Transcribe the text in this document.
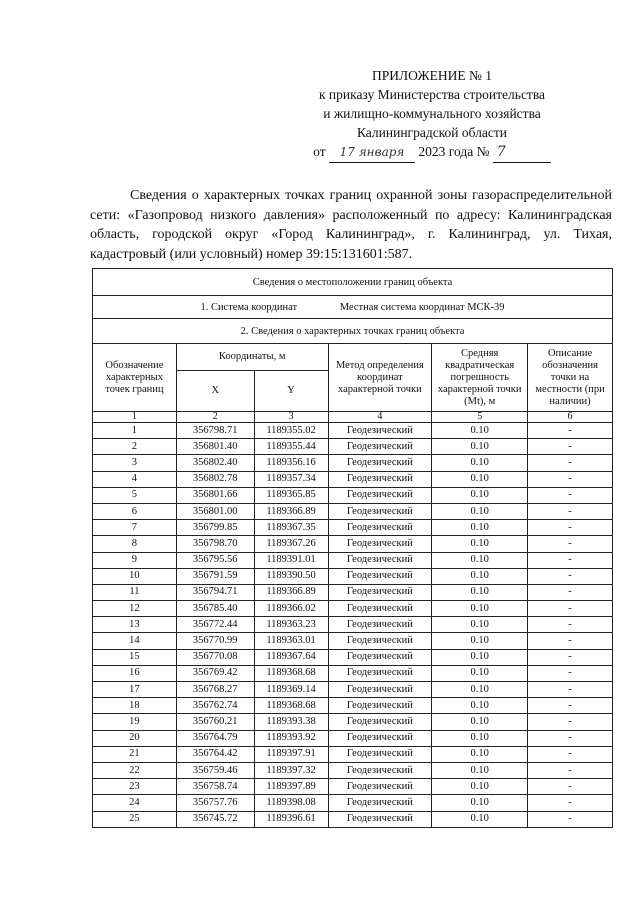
ПРИЛОЖЕНИЕ № 1
к приказу Министерства строительства
и жилищно-коммунального хозяйства
Калининградской области
от 17 января 2023 года № 7
Сведения о характерных точках границ охранной зоны газораспределительной сети: «Газопровод низкого давления» расположенный по адресу: Калининградская область, городской округ «Город Калининград», г. Калининград, ул. Тихая, кадастровый (или условный) номер 39:15:131601:587.
Сведения о местоположении границ объекта					
1. Система координат Местная система координат МСК-39					
2. Сведения о характерных точках границ объекта					
Обозначение характерных точек границ	Координаты, м		Метод определения координат характерной точки	Средняя квадратическая погрешность характерной точки (Mt), м	Описание обозначения точки на местности (при наличии)
	X	Y			
1	2	3	4	5	6
1	356798.71	1189355.02	Геодезический	0.10	-
2	356801.40	1189355.44	Геодезический	0.10	-
3	356802.40	1189356.16	Геодезический	0.10	-
4	356802.78	1189357.34	Геодезический	0.10	-
5	356801.66	1189365.85	Геодезический	0.10	-
6	356801.00	1189366.89	Геодезический	0.10	-
7	356799.85	1189367.35	Геодезический	0.10	-
8	356798.70	1189367.26	Геодезический	0.10	-
9	356795.56	1189391.01	Геодезический	0.10	-
10	356791.59	1189390.50	Геодезический	0.10	-
11	356794.71	1189366.89	Геодезический	0.10	-
12	356785.40	1189366.02	Геодезический	0.10	-
13	356772.44	1189363.23	Геодезический	0.10	-
14	356770.99	1189363.01	Геодезический	0.10	-
15	356770.08	1189367.64	Геодезический	0.10	-
16	356769.42	1189368.68	Геодезический	0.10	-
17	356768.27	1189369.14	Геодезический	0.10	-
18	356762.74	1189368.68	Геодезический	0.10	-
19	356760.21	1189393.38	Геодезический	0.10	-
20	356764.79	1189393.92	Геодезический	0.10	-
21	356764.42	1189397.91	Геодезический	0.10	-
22	356759.46	1189397.32	Геодезический	0.10	-
23	356758.74	1189397.89	Геодезический	0.10	-
24	356757.76	1189398.08	Геодезический	0.10	-
25	356745.72	1189396.61	Геодезический	0.10	-
